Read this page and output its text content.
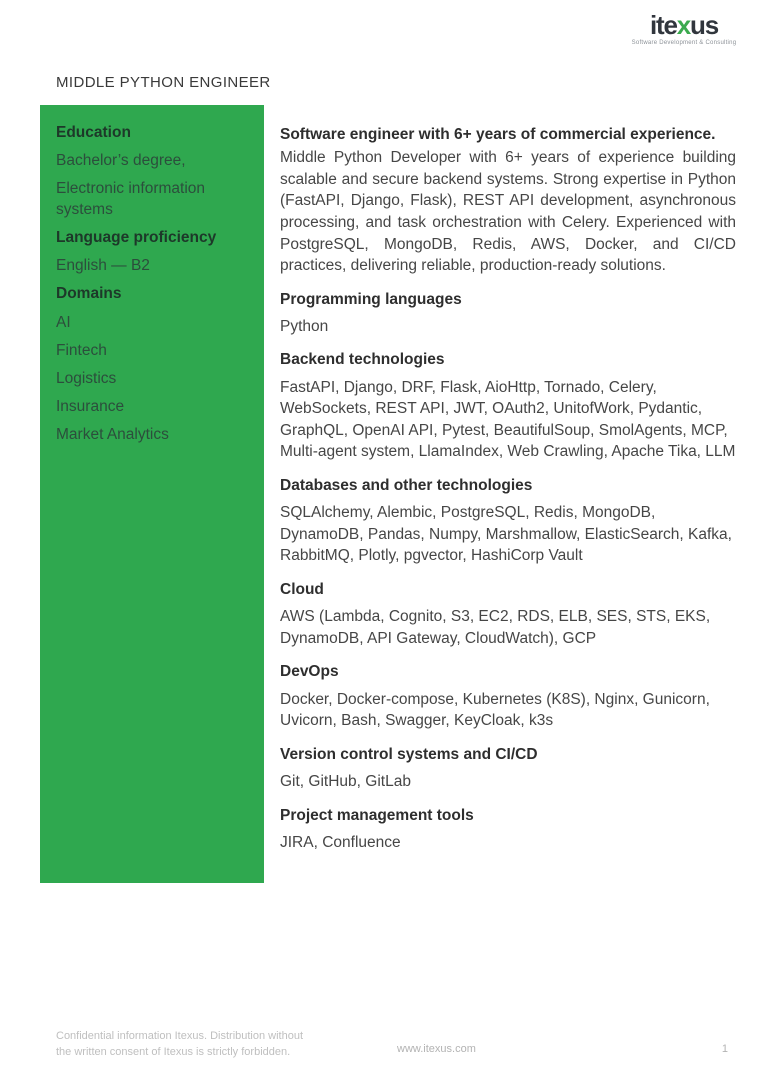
itexus
Software Development & Consulting
MIDDLE PYTHON ENGINEER
Education
Bachelor’s degree,
Electronic information systems
Language proficiency
English — B2
Domains
AI
Fintech
Logistics
Insurance
Market Analytics

Software engineer with 6+ years of commercial experience.

Middle Python Developer with 6+ years of experience building scalable and secure backend systems. Strong expertise in Python (FastAPI, Django, Flask), REST API development, asynchronous processing, and task orchestration with Celery. Experienced with PostgreSQL, MongoDB, Redis, AWS, Docker, and CI/CD practices, delivering reliable, production-ready solutions.

Programming languages

Python

Backend technologies

FastAPI, Django, DRF, Flask, AioHttp, Tornado, Celery, WebSockets, REST API, JWT, OAuth2, UnitofWork, Pydantic, GraphQL, OpenAI API, Pytest, BeautifulSoup, SmolAgents, MCP, Multi-agent system, LlamaIndex, Web Crawling, Apache Tika, LLM

Databases and other technologies

SQLAlchemy, Alembic, PostgreSQL, Redis, MongoDB, DynamoDB, Pandas, Numpy, Marshmallow, ElasticSearch, Kafka, RabbitMQ, Plotly, pgvector, HashiCorp Vault

Cloud

AWS (Lambda, Cognito, S3, EC2, RDS, ELB, SES, STS, EKS, DynamoDB, API Gateway, CloudWatch), GCP

DevOps

Docker, Docker-compose, Kubernetes (K8S), Nginx, Gunicorn, Uvicorn, Bash, Swagger, KeyCloak, k3s

Version control systems and CI/CD

Git, GitHub, GitLab

Project management tools

JIRA, Confluence

Confidential information Itexus. Distribution without
the written consent of Itexus is strictly forbidden.	www.itexus.com	1
